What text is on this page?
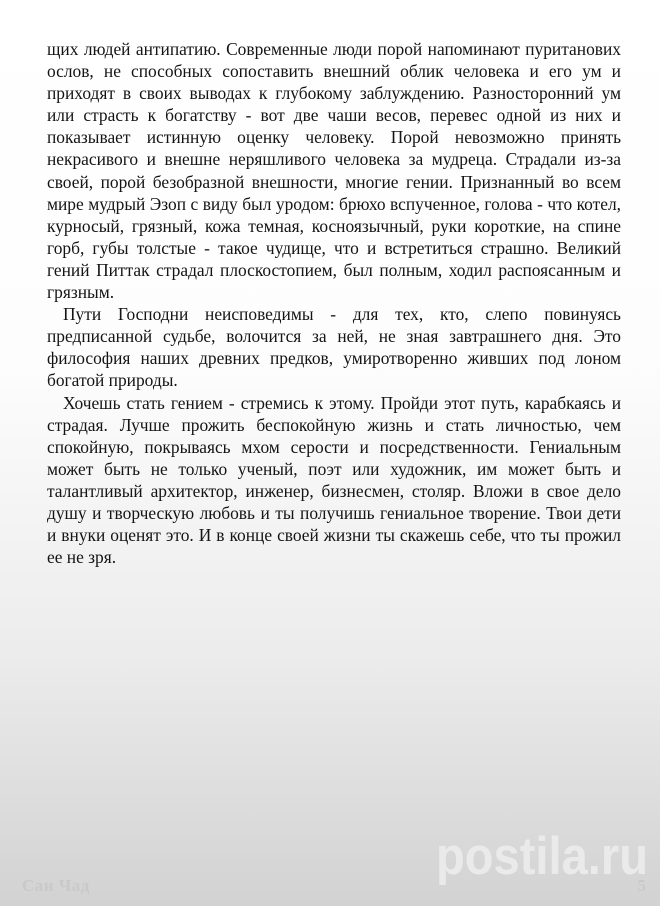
щих людей антипатию. Современные люди порой напоминают пуританових ослов, не способных сопоставить внешний облик человека и его ум и приходят в своих выводах к глубокому заблуждению. Разносторонний ум или страсть к богатству - вот две чаши весов, перевес одной из них и показывает истинную оценку человеку. Порой невозможно принять некрасивого и внешне неряшливого человека за мудреца. Страдали из-за своей, порой безобразной внешности, многие гении. Признанный во всем мире мудрый Эзоп с виду был уродом: брюхо вспученное, голова - что котел, курносый, грязный, кожа темная, косноязычный, руки короткие, на спине горб, губы толстые - такое чудище, что и встретиться страшно. Великий гений Питтак страдал плоскостопием, был полным, ходил распоясанным и грязным.

Пути Господни неисповедимы - для тех, кто, слепо повинуясь предписанной судьбе, волочится за ней, не зная завтрашнего дня. Это философия наших древних предков, умиротворенно живших под лоном богатой природы.

Хочешь стать гением - стремись к этому. Пройди этот путь, карабкаясь и страдая. Лучше прожить беспокойную жизнь и стать личностью, чем спокойную, покрываясь мхом серости и посредственности. Гениальным может быть не только ученый, поэт или художник, им может быть и талантливый архитектор, инженер, бизнесмен, столяр. Вложи в свое дело душу и творческую любовь и ты получишь гениальное творение. Твои дети и внуки оценят это. И в конце своей жизни ты скажешь себе, что ты прожил ее не зря.

postila.ru
Сан Чад	5
